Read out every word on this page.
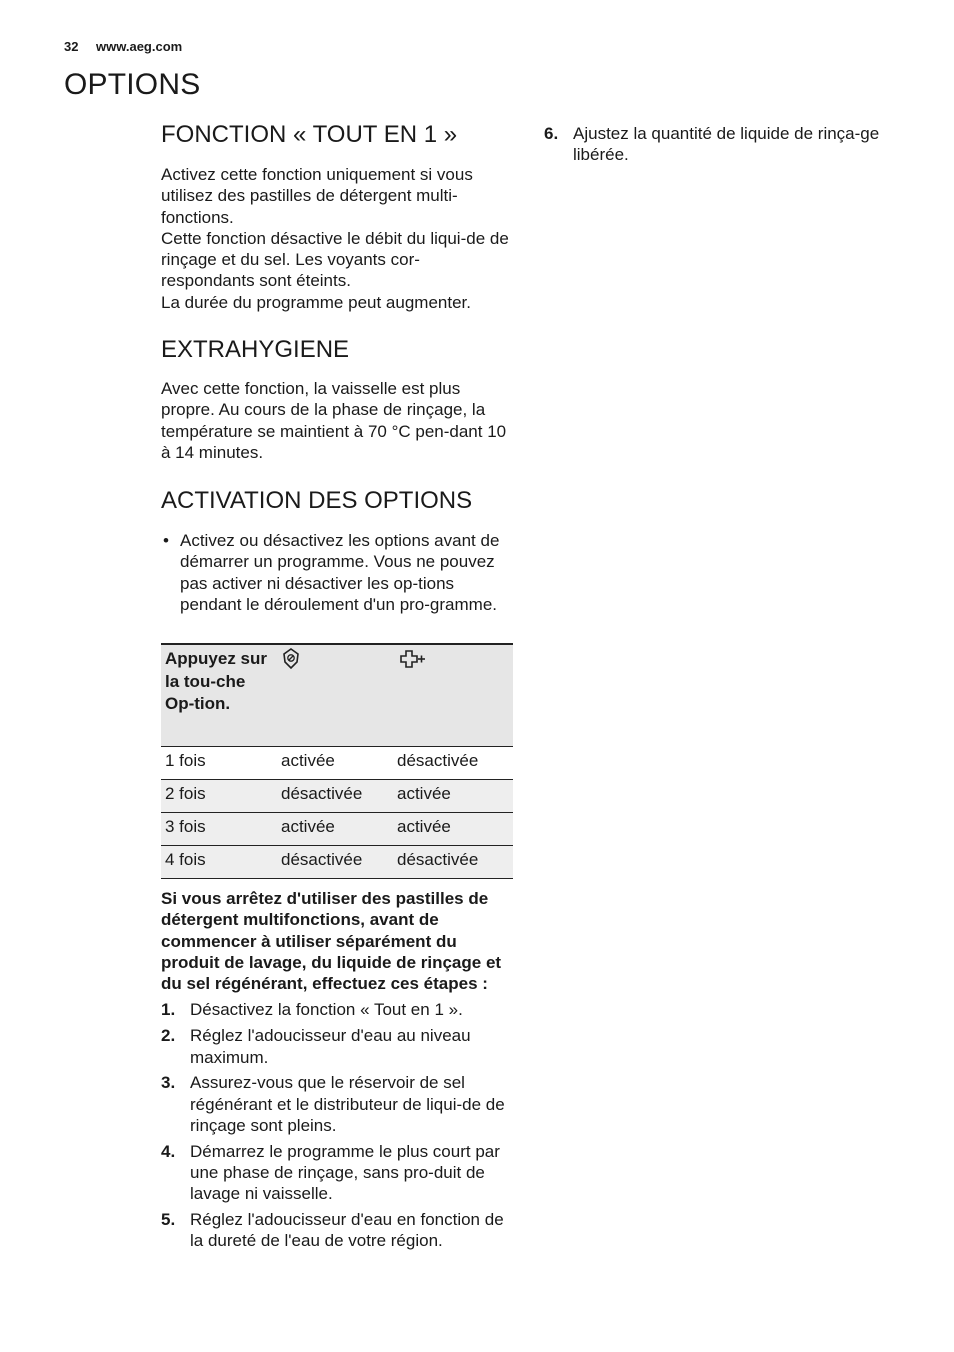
32 www.aeg.com
OPTIONS
FONCTION « TOUT EN 1 »

Activez cette fonction uniquement si vous utilisez des pastilles de détergent multi-fonctions.

Cette fonction désactive le débit du liqui-de de rinçage et du sel. Les voyants cor-respondants sont éteints.

La durée du programme peut augmenter.

EXTRAHYGIENE

Avec cette fonction, la vaisselle est plus propre. Au cours de la phase de rinçage, la température se maintient à 70 °C pen-dant 10 à 14 minutes.

ACTIVATION DES OPTIONS
• Activez ou désactivez les options avant de démarrer un programme. Vous ne pouvez pas activer ni désactiver les op-tions pendant le déroulement d'un pro-gramme.
Appuyez sur la tou-che Op-tion.		
1 fois	activée	désactivée
2 fois	désactivée	activée
3 fois	activée	activée
4 fois	désactivée	désactivée
Si vous arrêtez d'utiliser des pastilles de détergent multifonctions, avant de commencer à utiliser séparément du produit de lavage, du liquide de rinçage et du sel régénérant, effectuez ces étapes :
1. Désactivez la fonction « Tout en 1 ».
2. Réglez l'adoucisseur d'eau au niveau maximum.
3. Assurez-vous que le réservoir de sel régénérant et le distributeur de liqui-de de rinçage sont pleins.
4. Démarrez le programme le plus court par une phase de rinçage, sans pro-duit de lavage ni vaisselle.
5. Réglez l'adoucisseur d'eau en fonction de la dureté de l'eau de votre région.
6. Ajustez la quantité de liquide de rinça-ge libérée.
